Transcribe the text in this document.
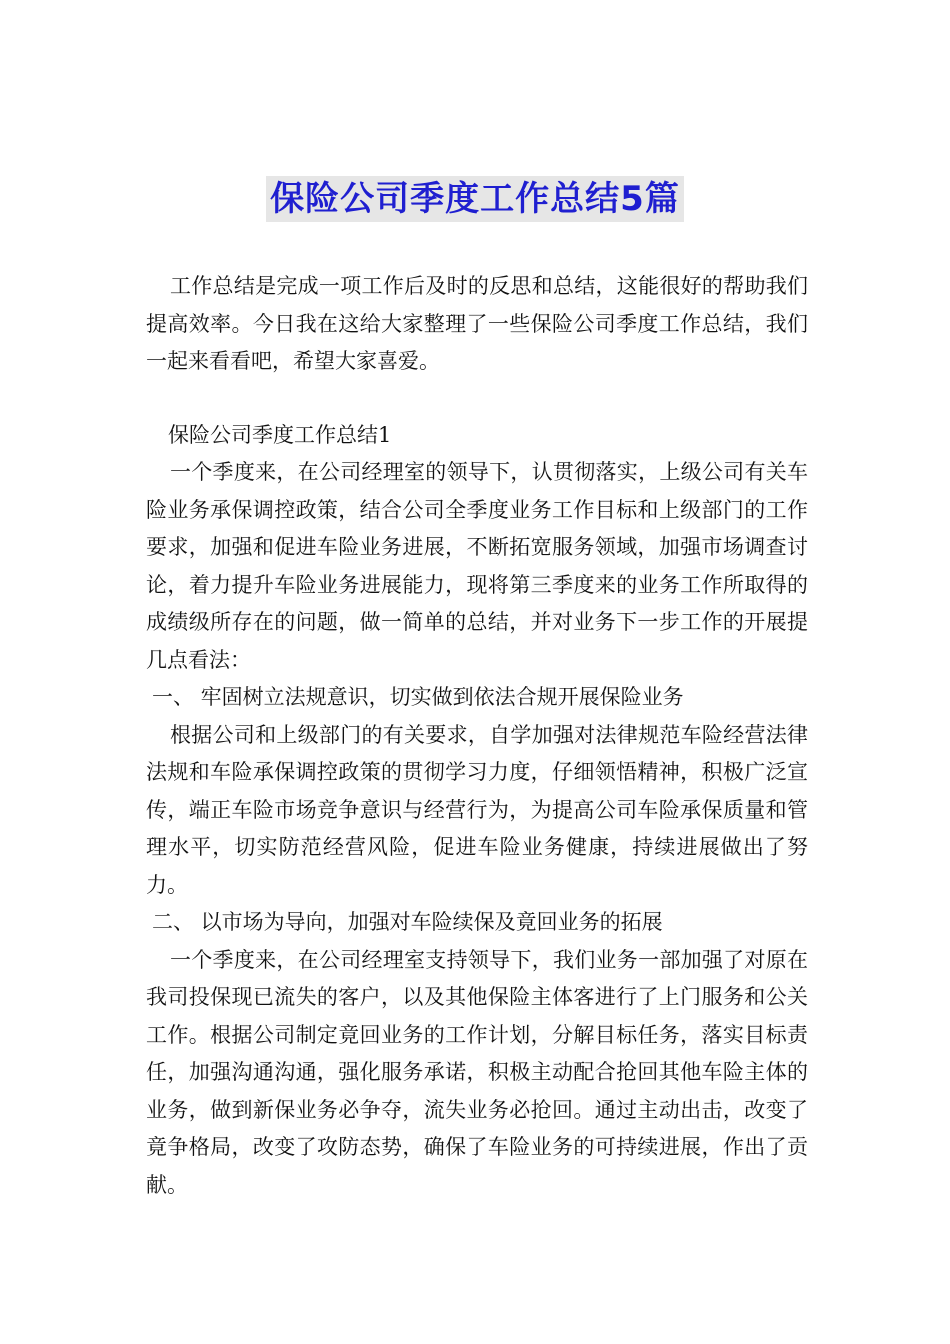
保险公司季度工作总结5篇

工作总结是完成一项工作后及时的反思和总结，这能很好的帮助我们提高效率。今日我在这给大家整理了一些保险公司季度工作总结，我们一起来看看吧，希望大家喜爱。

保险公司季度工作总结1

一个季度来，在公司经理室的领导下，认贯彻落实，上级公司有关车险业务承保调控政策，结合公司全季度业务工作目标和上级部门的工作要求，加强和促进车险业务进展，不断拓宽服务领域，加强市场调查讨论，着力提升车险业务进展能力，现将第三季度来的业务工作所取得的成绩级所存在的问题，做一简单的总结，并对业务下一步工作的开展提几点看法：

一、 牢固树立法规意识，切实做到依法合规开展保险业务

根据公司和上级部门的有关要求，自学加强对法律规范车险经营法律法规和车险承保调控政策的贯彻学习力度，仔细领悟精神，积极广泛宣传，端正车险市场竞争意识与经营行为，为提高公司车险承保质量和管理水平，切实防范经营风险，促进车险业务健康，持续进展做出了努力。

二、 以市场为导向，加强对车险续保及竟回业务的拓展

一个季度来，在公司经理室支持领导下，我们业务一部加强了对原在我司投保现已流失的客户，以及其他保险主体客进行了上门服务和公关工作。根据公司制定竟回业务的工作计划，分解目标任务，落实目标责任，加强沟通沟通，强化服务承诺，积极主动配合抢回其他车险主体的业务，做到新保业务必争夺，流失业务必抢回。通过主动出击，改变了竟争格局，改变了攻防态势，确保了车险业务的可持续进展，作出了贡献。
